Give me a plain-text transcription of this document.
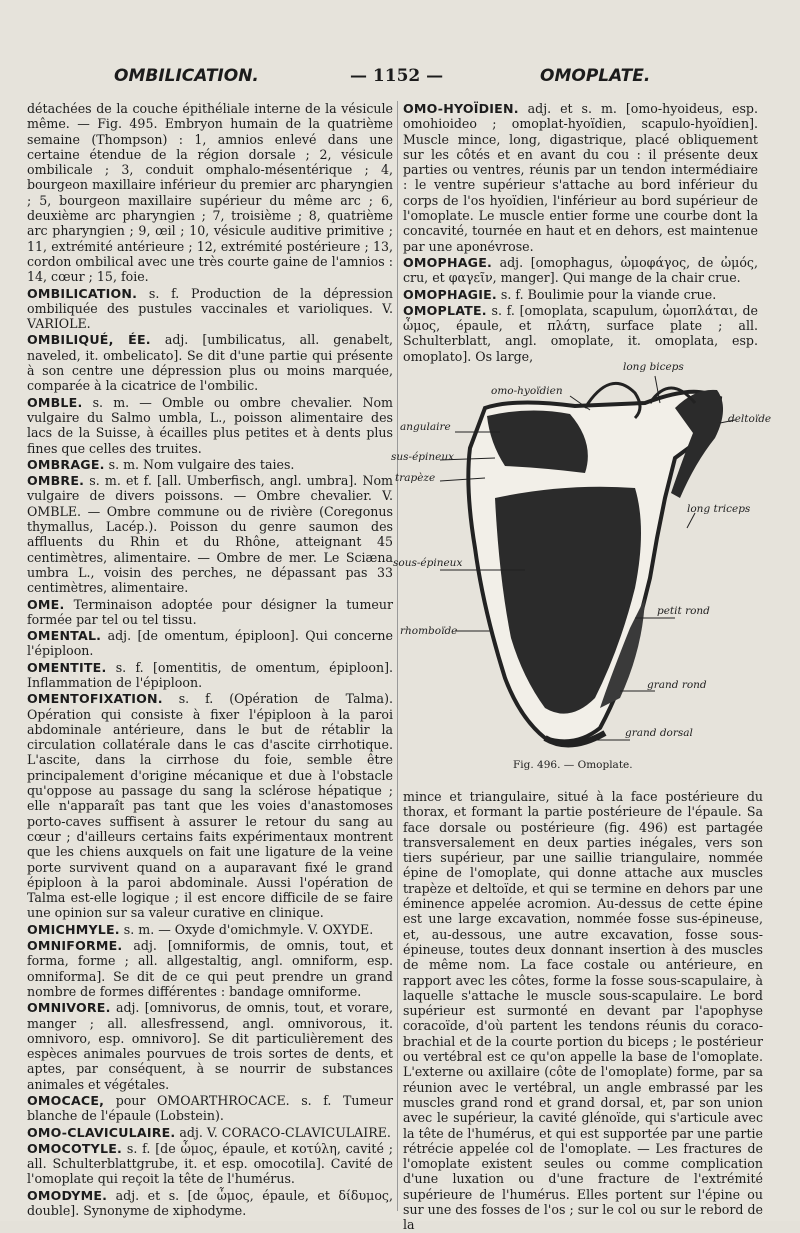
OMBILICATION.	— 1152 —	OMOPLATE.

détachées de la couche épithéliale interne de la vésicule même. — Fig. 495. Embryon humain de la quatrième semaine (Thompson) : 1, amnios enlevé dans une certaine étendue de la région dorsale ; 2, vésicule ombilicale ; 3, conduit omphalo-mésentérique ; 4, bourgeon maxillaire inférieur du premier arc pharyngien ; 5, bourgeon maxillaire supérieur du même arc ; 6, deuxième arc pharyngien ; 7, troisième ; 8, quatrième arc pharyngien ; 9, œil ; 10, vésicule auditive primitive ; 11, extrémité antérieure ; 12, extrémité postérieure ; 13, cordon ombilical avec une très courte gaine de l'amnios : 14, cœur ; 15, foie.

OMBILICATION. s. f. Production de la dépression ombiliquée des pustules vaccinales et varioliques. V. VARIOLE.

OMBILIQUÉ, ÉE. adj. [umbilicatus, all. genabelt, naveled, it. ombelicato]. Se dit d'une partie qui présente à son centre une dépression plus ou moins marquée, comparée à la cicatrice de l'ombilic.

OMBLE. s. m. — Omble ou ombre chevalier. Nom vulgaire du Salmo umbla, L., poisson alimentaire des lacs de la Suisse, à écailles plus petites et à dents plus fines que celles des truites.

OMBRAGE. s. m. Nom vulgaire des taies.

OMBRE. s. m. et f. [all. Umberfisch, angl. umbra]. Nom vulgaire de divers poissons. — Ombre chevalier. V. OMBLE. — Ombre commune ou de rivière (Coregonus thymallus, Lacép.). Poisson du genre saumon des affluents du Rhin et du Rhône, atteignant 45 centimètres, alimentaire. — Ombre de mer. Le Sciæna umbra L., voisin des perches, ne dépassant pas 33 centimètres, alimentaire.

OME. Terminaison adoptée pour désigner la tumeur formée par tel ou tel tissu.

OMENTAL. adj. [de omentum, épiploon]. Qui concerne l'épiploon.

OMENTITE. s. f. [omentitis, de omentum, épiploon]. Inflammation de l'épiploon.

OMENTOFIXATION. s. f. (Opération de Talma). Opération qui consiste à fixer l'épiploon à la paroi abdominale antérieure, dans le but de rétablir la circulation collatérale dans le cas d'ascite cirrhotique. L'ascite, dans la cirrhose du foie, semble être principalement d'origine mécanique et due à l'obstacle qu'oppose au passage du sang la sclérose hépatique ; elle n'apparaît pas tant que les voies d'anastomoses porto-caves suffisent à assurer le retour du sang au cœur ; d'ailleurs certains faits expérimentaux montrent que les chiens auxquels on fait une ligature de la veine porte survivent quand on a auparavant fixé le grand épiploon à la paroi abdominale. Aussi l'opération de Talma est-elle logique ; il est encore difficile de se faire une opinion sur sa valeur curative en clinique.

OMICHMYLE. s. m. — Oxyde d'omichmyle. V. OXYDE.

OMNIFORME. adj. [omniformis, de omnis, tout, et forma, forme ; all. allgestaltig, angl. omniform, esp. omniforma]. Se dit de ce qui peut prendre un grand nombre de formes différentes : bandage omniforme.

OMNIVORE. adj. [omnivorus, de omnis, tout, et vorare, manger ; all. allesfressend, angl. omnivorous, it. omnivoro, esp. omnivoro]. Se dit particulièrement des espèces animales pourvues de trois sortes de dents, et aptes, par conséquent, à se nourrir de substances animales et végétales.

OMOCACE, pour OMOARTHROCACE. s. f. Tumeur blanche de l'épaule (Lobstein).

OMO-CLAVICULAIRE. adj. V. CORACO-CLAVICULAIRE.

OMOCOTYLE. s. f. [de ὦμος, épaule, et κοτύλη, cavité ; all. Schulterblattgrube, it. et esp. omocotila]. Cavité de l'omoplate qui reçoit la tête de l'humérus.

OMODYME. adj. et s. [de ὦμος, épaule, et δίδυμος, double]. Synonyme de xiphodyme.

OMO-HYOÏDIEN. adj. et s. m. [omo-hyoideus, esp. omohioideo ; omoplat-hyoïdien, scapulo-hyoïdien]. Muscle mince, long, digastrique, placé obliquement sur les côtés et en avant du cou : il présente deux parties ou ventres, réunis par un tendon intermédiaire : le ventre supérieur s'attache au bord inférieur du corps de l'os hyoïdien, l'inférieur au bord supérieur de l'omoplate. Le muscle entier forme une courbe dont la concavité, tournée en haut et en dehors, est maintenue par une aponévrose.

OMOPHAGE. adj. [omophagus, ὠμοφάγος, de ὠμός, cru, et φαγεῖν, manger]. Qui mange de la chair crue.

OMOPHAGIE. s. f. Boulimie pour la viande crue.

OMOPLATE. s. f. [omoplata, scapulum, ὠμοπλάται, de ὦμος, épaule, et πλάτη, surface plate ; all. Schulterblatt, angl. omoplate, it. omoplata, esp. omoplato]. Os large,

long biceps
omo-hyoïdien
deltoïde
angulaire
sus-épineux
trapèze
long triceps
sous-épineux
petit rond
rhomboïde
grand rond
grand dorsal
Fig. 496. — Omoplate.

mince et triangulaire, situé à la face postérieure du thorax, et formant la partie postérieure de l'épaule. Sa face dorsale ou postérieure (fig. 496) est partagée transversalement en deux parties inégales, vers son tiers supérieur, par une saillie triangulaire, nommée épine de l'omoplate, qui donne attache aux muscles trapèze et deltoïde, et qui se termine en dehors par une éminence appelée acromion. Au-dessus de cette épine est une large excavation, nommée fosse sus-épineuse, et, au-dessous, une autre excavation, fosse sous-épineuse, toutes deux donnant insertion à des muscles de même nom. La face costale ou antérieure, en rapport avec les côtes, forme la fosse sous-scapulaire, à laquelle s'attache le muscle sous-scapulaire. Le bord supérieur est surmonté en devant par l'apophyse coracoïde, d'où partent les tendons réunis du coraco-brachial et de la courte portion du biceps ; le postérieur ou vertébral est ce qu'on appelle la base de l'omoplate. L'externe ou axillaire (côte de l'omoplate) forme, par sa réunion avec le vertébral, un angle embrassé par les muscles grand rond et grand dorsal, et, par son union avec le supérieur, la cavité glénoïde, qui s'articule avec la tête de l'humérus, et qui est supportée par une partie rétrécie appelée col de l'omoplate. — Les fractures de l'omoplate existent seules ou comme complication d'une luxation ou d'une fracture de l'extrémité supérieure de l'humérus. Elles portent sur l'épine ou sur une des fosses de l'os ; sur le col ou sur le rebord de la
